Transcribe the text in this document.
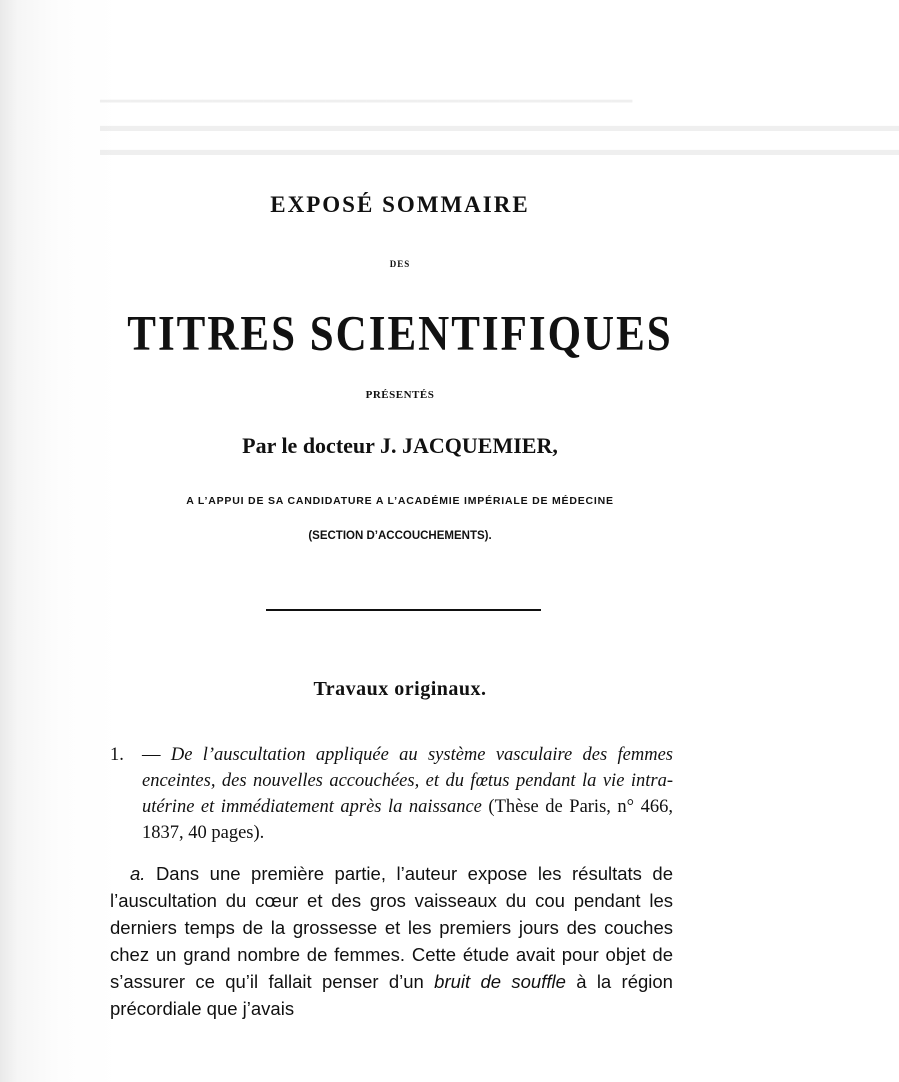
━━━━━━━━━━━━━━━━━━━━━━━━━━━━━━━━━━━━━━━━━━━━━━━━━━━━
▬▬▬▬▬▬▬▬▬▬▬▬▬▬▬▬▬▬▬▬▬▬▬▬▬▬▬▬▬▬▬▬▬▬▬▬▬▬▬▬▬▬▬▬▬▬▬
▬▬▬▬▬▬▬▬▬▬▬▬▬▬▬▬▬▬▬▬▬▬▬▬▬▬▬▬▬▬▬▬▬▬▬▬▬▬▬▬▬▬▬▬▬▬▬
EXPOSÉ SOMMAIRE
DES
TITRES SCIENTIFIQUES
PRÉSENTÉS
Par le docteur J. JACQUEMIER,
A L’APPUI DE SA CANDIDATURE A L’ACADÉMIE IMPÉRIALE DE MÉDECINE
(SECTION D’ACCOUCHEMENTS).
Travaux originaux.
1. — De l’auscultation appliquée au système vasculaire des femmes enceintes, des nouvelles accouchées, et du fœtus pendant la vie intra-utérine et immédiatement après la naissance (Thèse de Paris, n° 466, 1837, 40 pages).
a. Dans une première partie, l’auteur expose les résultats de l’auscultation du cœur et des gros vaisseaux du cou pendant les derniers temps de la grossesse et les premiers jours des couches chez un grand nombre de femmes. Cette étude avait pour objet de s’assurer ce qu’il fallait penser d’un bruit de souffle à la région précordiale que j’avais
